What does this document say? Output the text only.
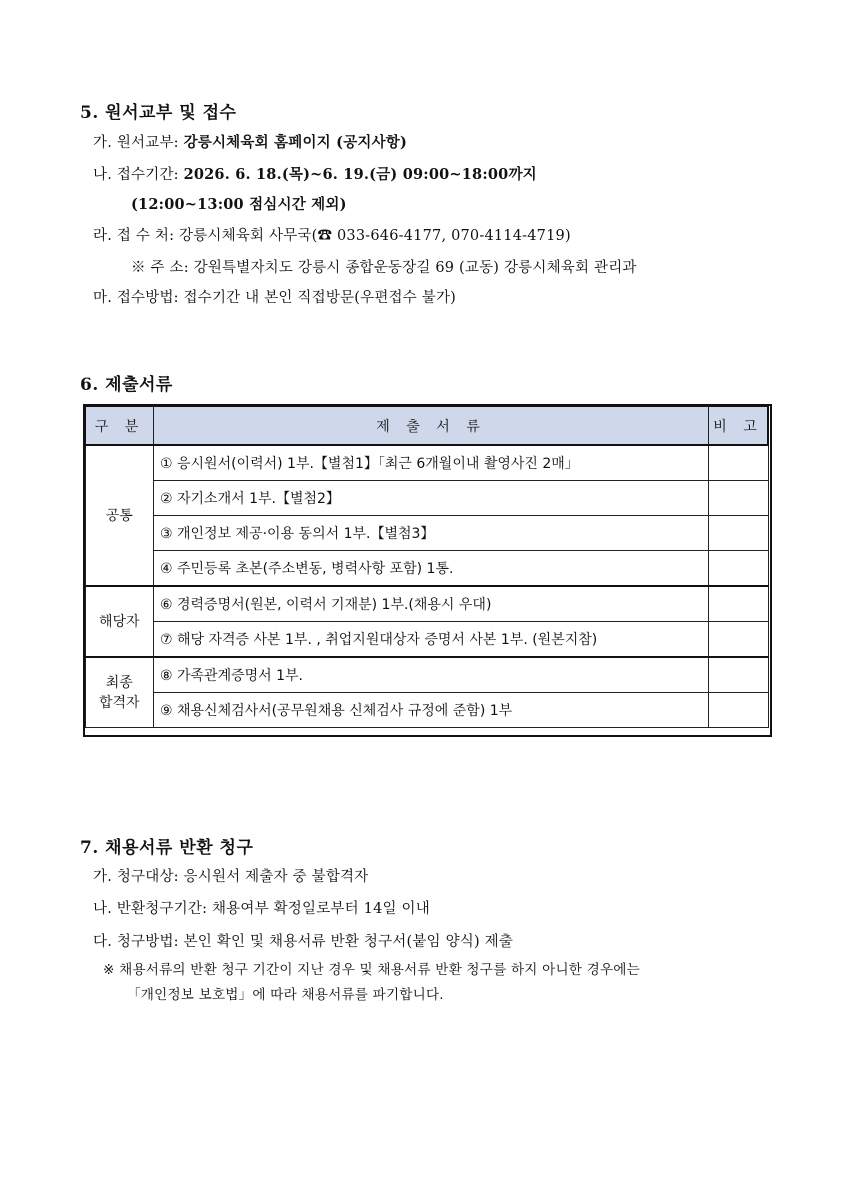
5. 원서교부 및 접수
가. 원서교부: 강릉시체육회 홈페이지 (공지사항)
나. 접수기간: 2026. 6. 18.(목)~6. 19.(금) 09:00~18:00까지
(12:00~13:00 점심시간 제외)
라. 접 수 처: 강릉시체육회 사무국(☎ 033-646-4177, 070-4114-4719)
※ 주 소: 강원특별자치도 강릉시 종합운동장길 69 (교동) 강릉시체육회 관리과
마. 접수방법: 접수기간 내 본인 직접방문(우편접수 불가)
6. 제출서류
구 분	제 출 서 류	비 고
공통	① 응시원서(이력서) 1부.【별첨1】「최근 6개월이내 촬영사진 2매」	
	② 자기소개서 1부.【별첨2】	
	③ 개인정보 제공·이용 동의서 1부.【별첨3】	
	④ 주민등록 초본(주소변동, 병력사항 포함) 1통.	
해당자	⑥ 경력증명서(원본, 이력서 기재분) 1부.(채용시 우대)	
	⑦ 해당 자격증 사본 1부. , 취업지원대상자 증명서 사본 1부. (원본지참)	

최종
합격자	⑧ 가족관계증명서 1부.	
	⑨ 채용신체검사서(공무원채용 신체검사 규정에 준함) 1부	
7. 채용서류 반환 청구
가. 청구대상: 응시원서 제출자 중 불합격자
나. 반환청구기간: 채용여부 확정일로부터 14일 이내
다. 청구방법: 본인 확인 및 채용서류 반환 청구서(붙임 양식) 제출
※ 채용서류의 반환 청구 기간이 지난 경우 및 채용서류 반환 청구를 하지 아니한 경우에는
「개인정보 보호법」에 따라 채용서류를 파기합니다.
